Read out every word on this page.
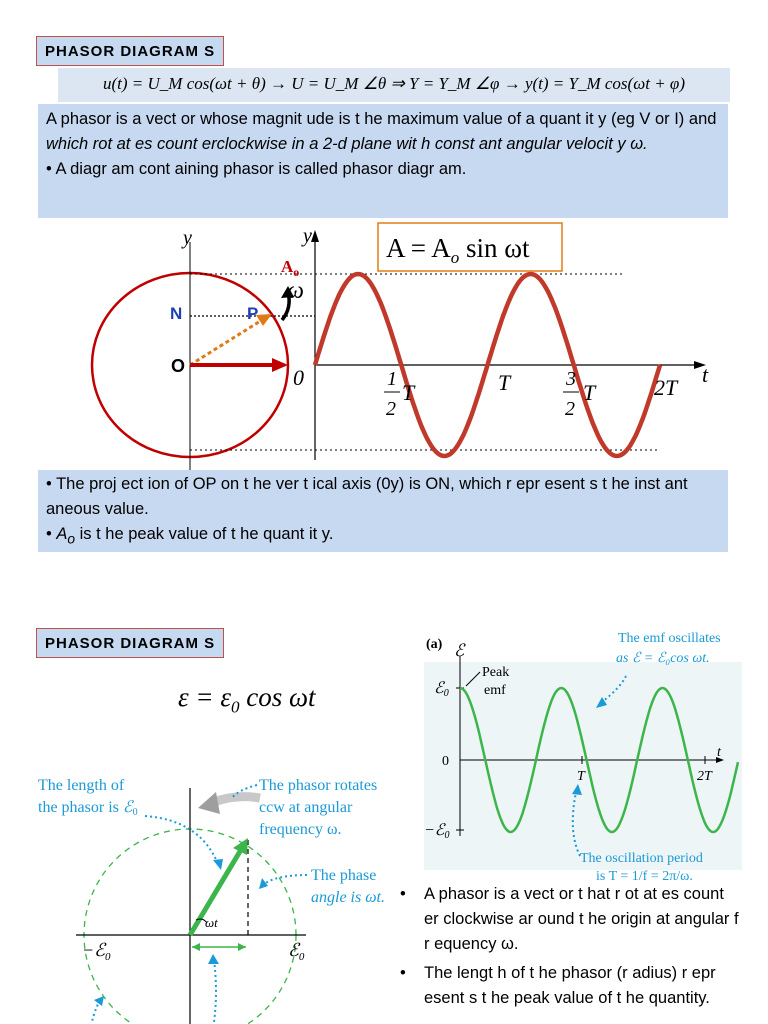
PHASOR DIAGRAM S
u(t) = U_M cos(ωt + θ) → U = U_M ∠θ ⇒ Y = Y_M ∠φ → y(t) = Y_M cos(ωt + φ)

A phasor is a vect or whose magnit ude is t he maximum value of a quant it y (eg V or I) and which rot at es count erclockwise in a 2-d plane wit h const ant angular velocit y ω.

• A diagr am cont aining phasor is called phasor diagr am.

y	y
N	P
O
$A_o$
ω
0	t
1
2
T	T	3
2
T	2T
$A = A_o$ sin ωt

• The proj ect ion of OP on t he ver t ical axis (0y) is ON, which r epr esent s t he inst ant aneous value.

• $A_o$ is t he peak value of t he quant it y.

PHASOR DIAGRAM S
$\varepsilon = \varepsilon_0$ cos ωt
The length of
the phasor is ℰ0
The phasor rotates
ccw at angular
frequency ω.
The phase
angle is ωt.
ωt
−ℰ$_0$	ℰ$_0$
(a) ℰ
Peak
emf
ℰ0
0
−ℰ0
t
T	2T
The emf oscillates
as ℰ = ℰ₀cos ωt.
The oscillation period
is T = 1/f = 2π/ω.
•	A phasor is a vect or t hat r ot at es count er clockwise ar ound t he origin at angular f r equency ω.
•	The lengt h of t he phasor (r adius) r epr esent s t he peak value of t he quantity.
